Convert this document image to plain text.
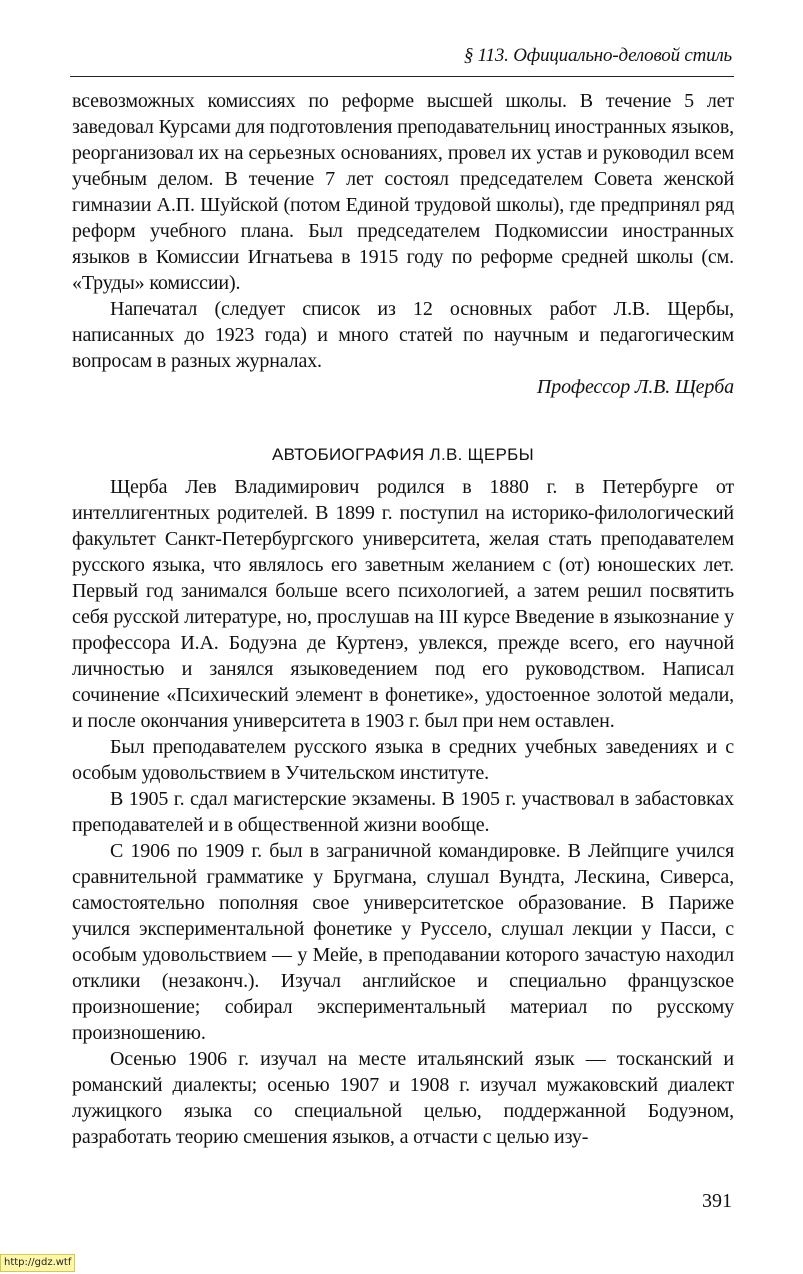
§ 113. Официально-деловой стиль

всевозможных комиссиях по реформе высшей школы. В течение 5 лет заведовал Курсами для подготовления преподавательниц иностранных языков, реорганизовал их на серьезных основаниях, провел их устав и руководил всем учебным делом. В течение 7 лет состоял председателем Совета женской гимназии А.П. Шуйской (потом Единой трудовой школы), где предпринял ряд реформ учебного плана. Был председателем Подкомиссии иностранных языков в Комиссии Игнатьева в 1915 году по реформе средней школы (см. «Труды» комиссии).

Напечатал (следует список из 12 основных работ Л.В. Щербы, написанных до 1923 года) и много статей по научным и педагогическим вопросам в разных журналах.

Профессор Л.В. Щерба

АВТОБИОГРАФИЯ Л.В. ЩЕРБЫ

Щерба Лев Владимирович родился в 1880 г. в Петербурге от интеллигентных родителей. В 1899 г. поступил на историко-филологический факультет Санкт-Петербургского университета, желая стать преподавателем русского языка, что являлось его заветным желанием с (от) юношеских лет. Первый год занимался больше всего психологией, а затем решил посвятить себя русской литературе, но, прослушав на III курсе Введение в языкознание у профессора И.А. Бодуэна де Куртенэ, увлекся, прежде всего, его научной личностью и занялся языковедением под его руководством. Написал сочинение «Психический элемент в фонетике», удостоенное золотой медали, и после окончания университета в 1903 г. был при нем оставлен.

Был преподавателем русского языка в средних учебных заведениях и с особым удовольствием в Учительском институте.

В 1905 г. сдал магистерские экзамены. В 1905 г. участвовал в забастовках преподавателей и в общественной жизни вообще.

С 1906 по 1909 г. был в заграничной командировке. В Лейпциге учился сравнительной грамматике у Бругмана, слушал Вундта, Лескина, Сиверса, самостоятельно пополняя свое университетское образование. В Париже учился экспериментальной фонетике у Руссело, слушал лекции у Пасси, с особым удовольствием — у Мейе, в преподавании которого зачастую находил отклики (незаконч.). Изучал английское и специально французское произношение; собирал экспериментальный материал по русскому произношению.

Осенью 1906 г. изучал на месте итальянский язык — тосканский и романский диалекты; осенью 1907 и 1908 г. изучал мужаковский диалект лужицкого языка со специальной целью, поддержанной Бодуэном, разработать теорию смешения языков, а отчасти с целью изу-

391
http://gdz.wtf
